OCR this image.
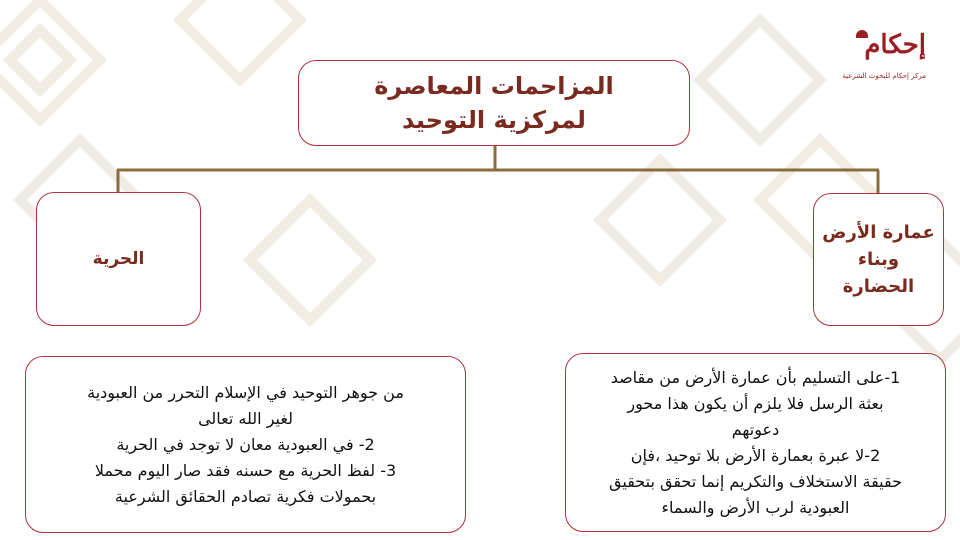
إحكام
مركز إحكام للبحوث الشرعية
المزاحمات المعاصرة لمركزية التوحيد
الحرية
عمارة الأرض وبناء الحضارة
من جوهر التوحيد في الإسلام التحرر من العبودية
لغير الله تعالى
2- في العبودية معان لا توجد في الحرية
3- لفظ الحرية مع حسنه فقد صار اليوم محملا
بحمولات فكرية تصادم الحقائق الشرعية
1-على التسليم بأن عمارة الأرض من مقاصد
بعثة الرسل فلا يلزم أن يكون هذا محور
دعوتهم
2-لا عبرة بعمارة الأرض بلا توحيد ،فإن
حقيقة الاستخلاف والتكريم إنما تحقق بتحقيق
العبودية لرب الأرض والسماء
